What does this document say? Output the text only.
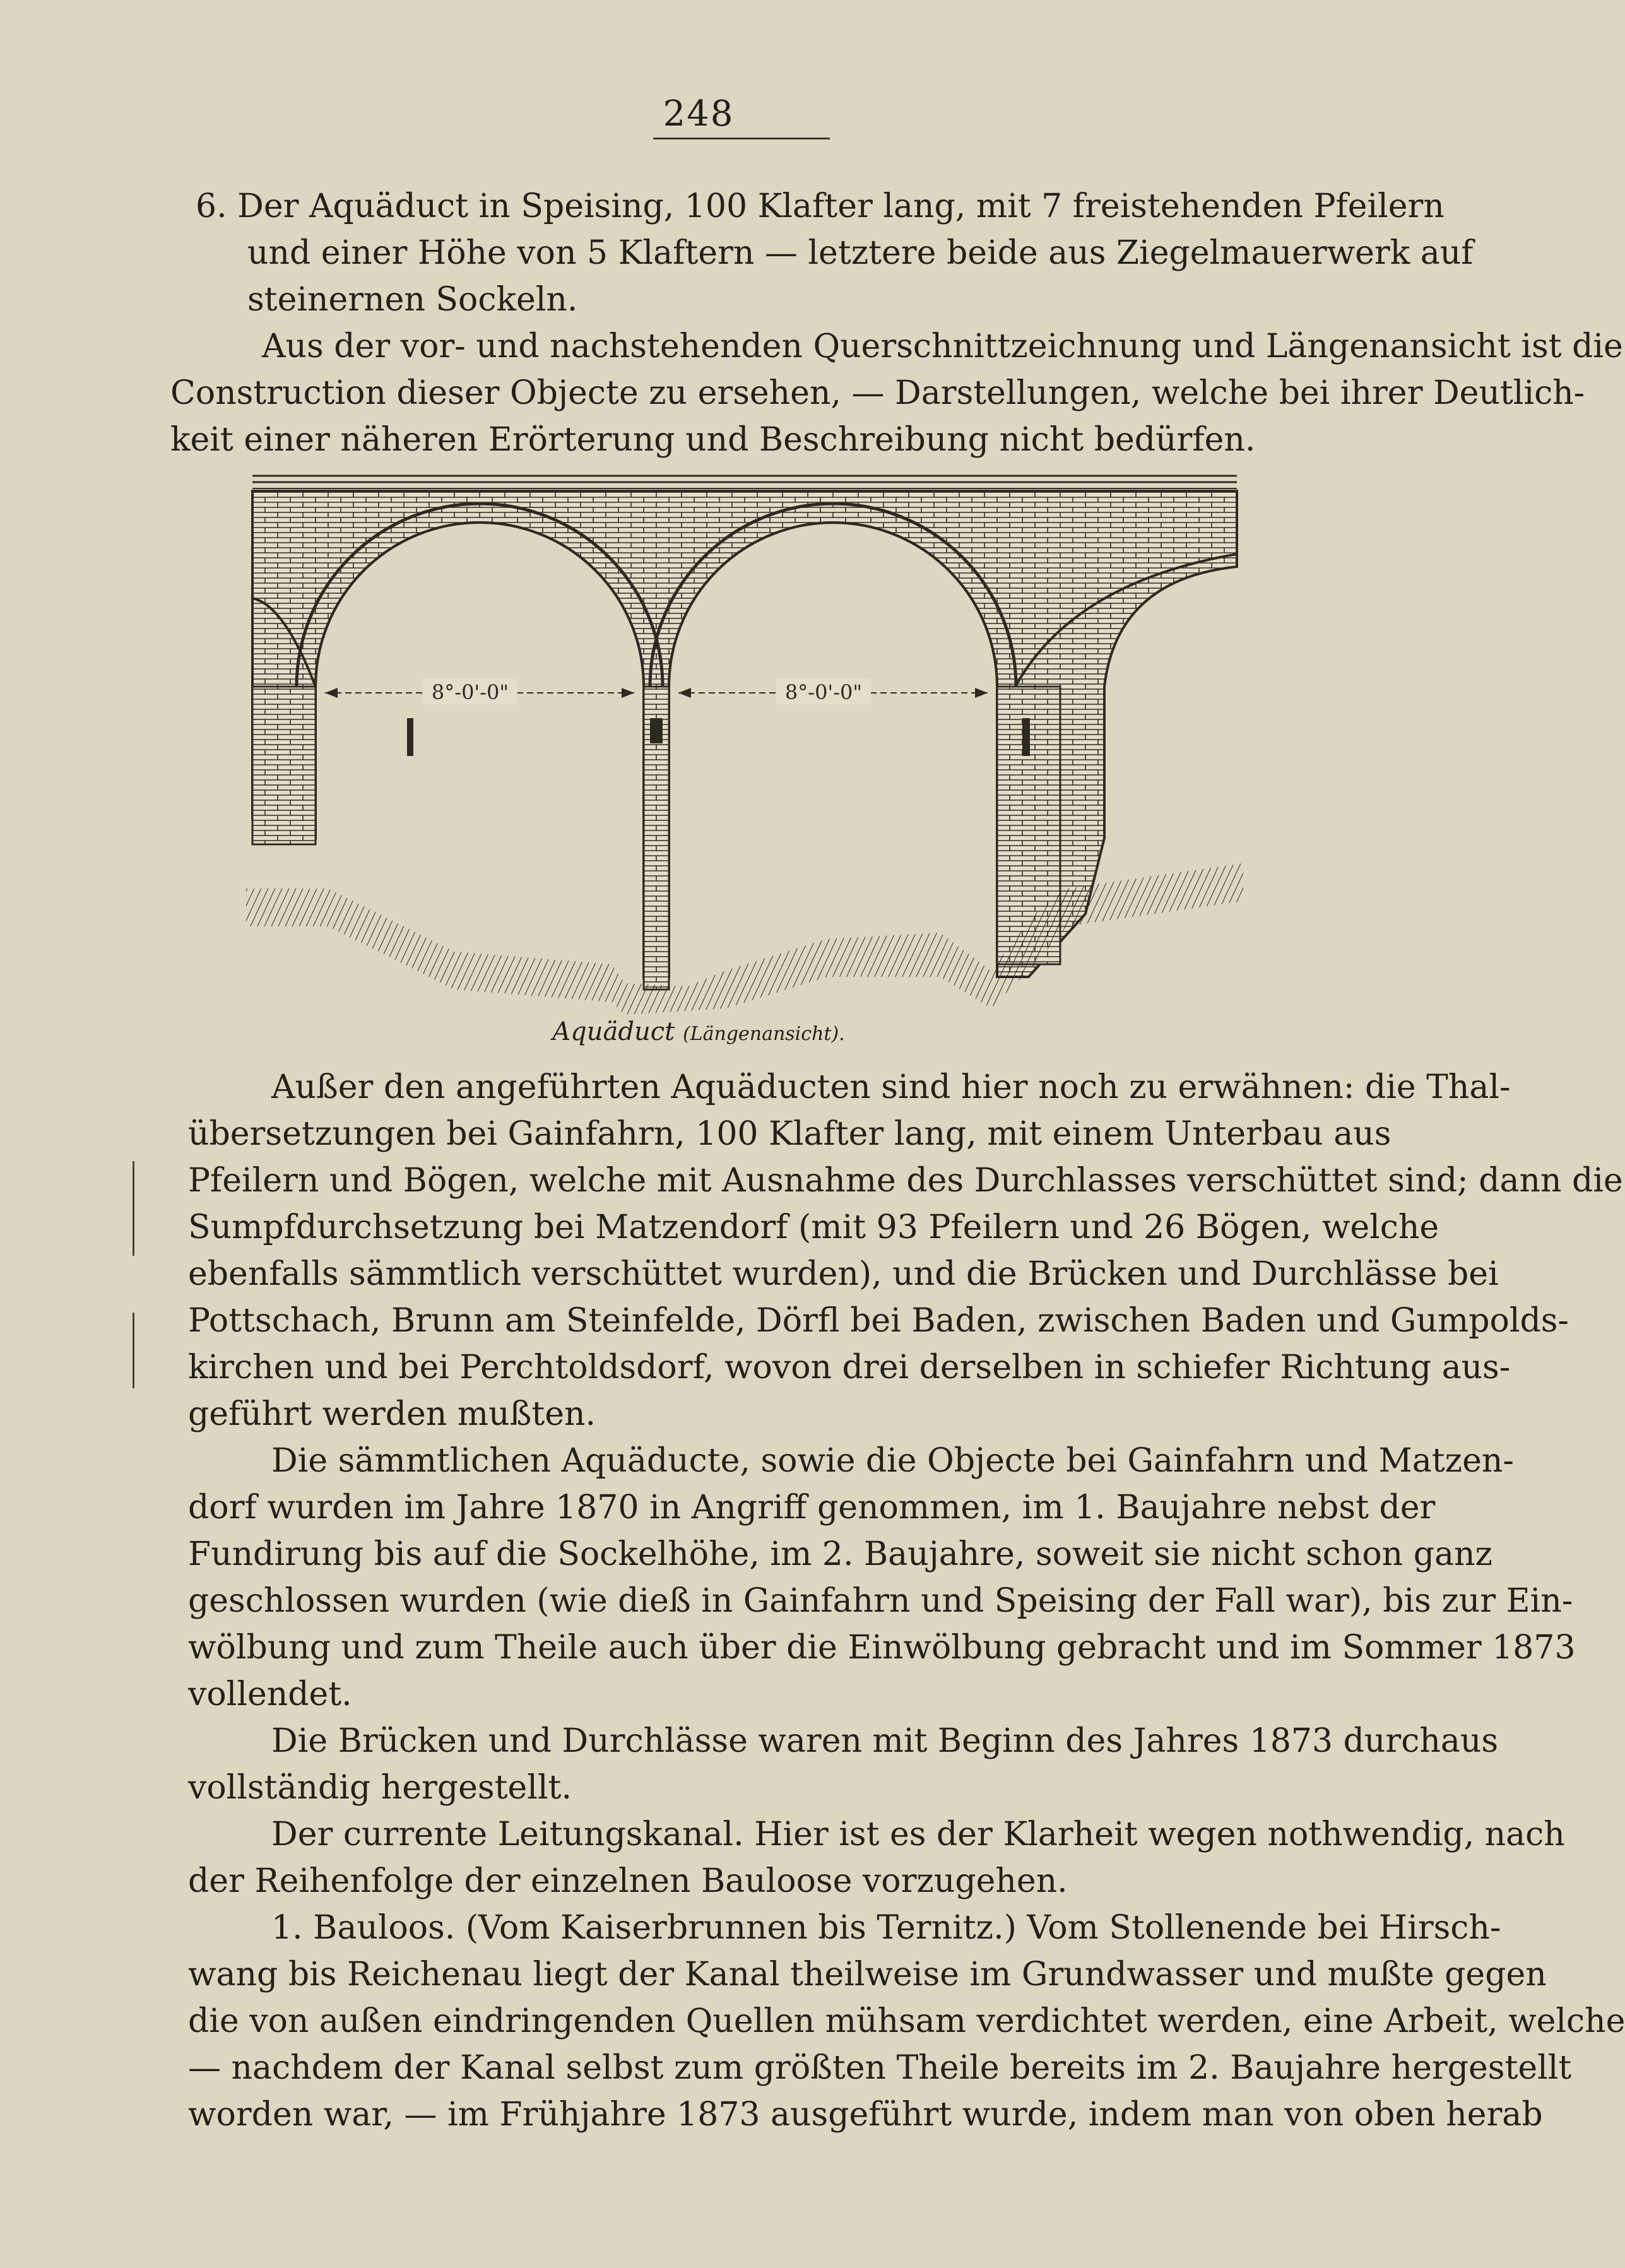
248
6. Der Aquäduct in Speising, 100 Klafter lang, mit 7 freistehenden Pfeilern
und einer Höhe von 5 Klaftern — letztere beide aus Ziegelmauerwerk auf
steinernen Sockeln.
Aus der vor- und nachstehenden Querschnittzeichnung und Längenansicht ist die
Construction dieser Objecte zu ersehen, — Darstellungen, welche bei ihrer Deutlich-
keit einer näheren Erörterung und Beschreibung nicht bedürfen.
8°-0'-0"	8°-0'-0"
Aquäduct (Längenansicht).
Außer den angeführten Aquäducten sind hier noch zu erwähnen: die Thal-
übersetzungen bei Gainfahrn, 100 Klafter lang, mit einem Unterbau aus
Pfeilern und Bögen, welche mit Ausnahme des Durchlasses verschüttet sind; dann die
Sumpfdurchsetzung bei Matzendorf (mit 93 Pfeilern und 26 Bögen, welche
ebenfalls sämmtlich verschüttet wurden), und die Brücken und Durchlässe bei
Pottschach, Brunn am Steinfelde, Dörfl bei Baden, zwischen Baden und Gumpolds-
kirchen und bei Perchtoldsdorf, wovon drei derselben in schiefer Richtung aus-
geführt werden mußten.
Die sämmtlichen Aquäducte, sowie die Objecte bei Gainfahrn und Matzen-
dorf wurden im Jahre 1870 in Angriff genommen, im 1. Baujahre nebst der
Fundirung bis auf die Sockelhöhe, im 2. Baujahre, soweit sie nicht schon ganz
geschlossen wurden (wie dieß in Gainfahrn und Speising der Fall war), bis zur Ein-
wölbung und zum Theile auch über die Einwölbung gebracht und im Sommer 1873
vollendet.
Die Brücken und Durchlässe waren mit Beginn des Jahres 1873 durchaus
vollständig hergestellt.
Der currente Leitungskanal. Hier ist es der Klarheit wegen nothwendig, nach
der Reihenfolge der einzelnen Bauloose vorzugehen.
1. Bauloos. (Vom Kaiserbrunnen bis Ternitz.) Vom Stollenende bei Hirsch-
wang bis Reichenau liegt der Kanal theilweise im Grundwasser und mußte gegen
die von außen eindringenden Quellen mühsam verdichtet werden, eine Arbeit, welche
— nachdem der Kanal selbst zum größten Theile bereits im 2. Baujahre hergestellt
worden war, — im Frühjahre 1873 ausgeführt wurde, indem man von oben herab
